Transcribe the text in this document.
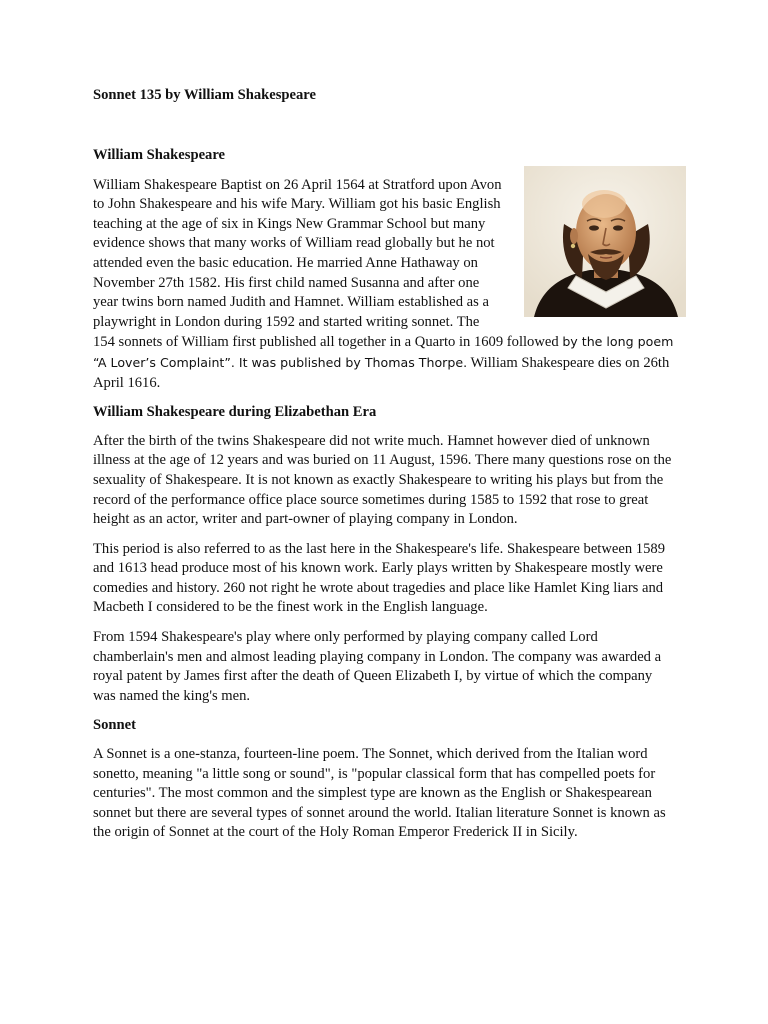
Sonnet 135 by William Shakespeare
William Shakespeare

William Shakespeare Baptist on 26 April 1564 at Stratford upon Avon to John Shakespeare and his wife Mary. William got his basic English teaching at the age of six in Kings New Grammar School but many evidence shows that many works of William read globally but he not attended even the basic education. He married Anne Hathaway on November 27th 1582. His first child named Susanna and after one year twins born named Judith and Hamnet. William established as a playwright in London during 1592 and started writing sonnet. The 154 sonnets of William first published all together in a Quarto in 1609 followed by the long poem “A Lover’s Complaint”. It was published by Thomas Thorpe. William Shakespeare dies on 26th April 1616.

William Shakespeare during Elizabethan Era

After the birth of the twins Shakespeare did not write much. Hamnet however died of unknown illness at the age of 12 years and was buried on 11 August, 1596. There many questions rose on the sexuality of Shakespeare. It is not known as exactly Shakespeare to writing his plays but from the record of the performance office place source sometimes during 1585 to 1592 that rose to great height as an actor, writer and part-owner of playing company in London.

This period is also referred to as the last here in the Shakespeare's life. Shakespeare between 1589 and 1613 head produce most of his known work. Early plays written by Shakespeare mostly were comedies and history. 260 not right he wrote about tragedies and place like Hamlet King liars and Macbeth I considered to be the finest work in the English language.

From 1594 Shakespeare's play where only performed by playing company called Lord chamberlain's men and almost leading playing company in London. The company was awarded a royal patent by James first after the death of Queen Elizabeth I, by virtue of which the company was named the king's men.

Sonnet

A Sonnet is a one-stanza, fourteen-line poem. The Sonnet, which derived from the Italian word sonetto, meaning "a little song or sound", is "popular classical form that has compelled poets for centuries". The most common and the simplest type are known as the English or Shakespearean sonnet but there are several types of sonnet around the world. Italian literature Sonnet is known as the origin of Sonnet at the court of the Holy Roman Emperor Frederick II in Sicily.
